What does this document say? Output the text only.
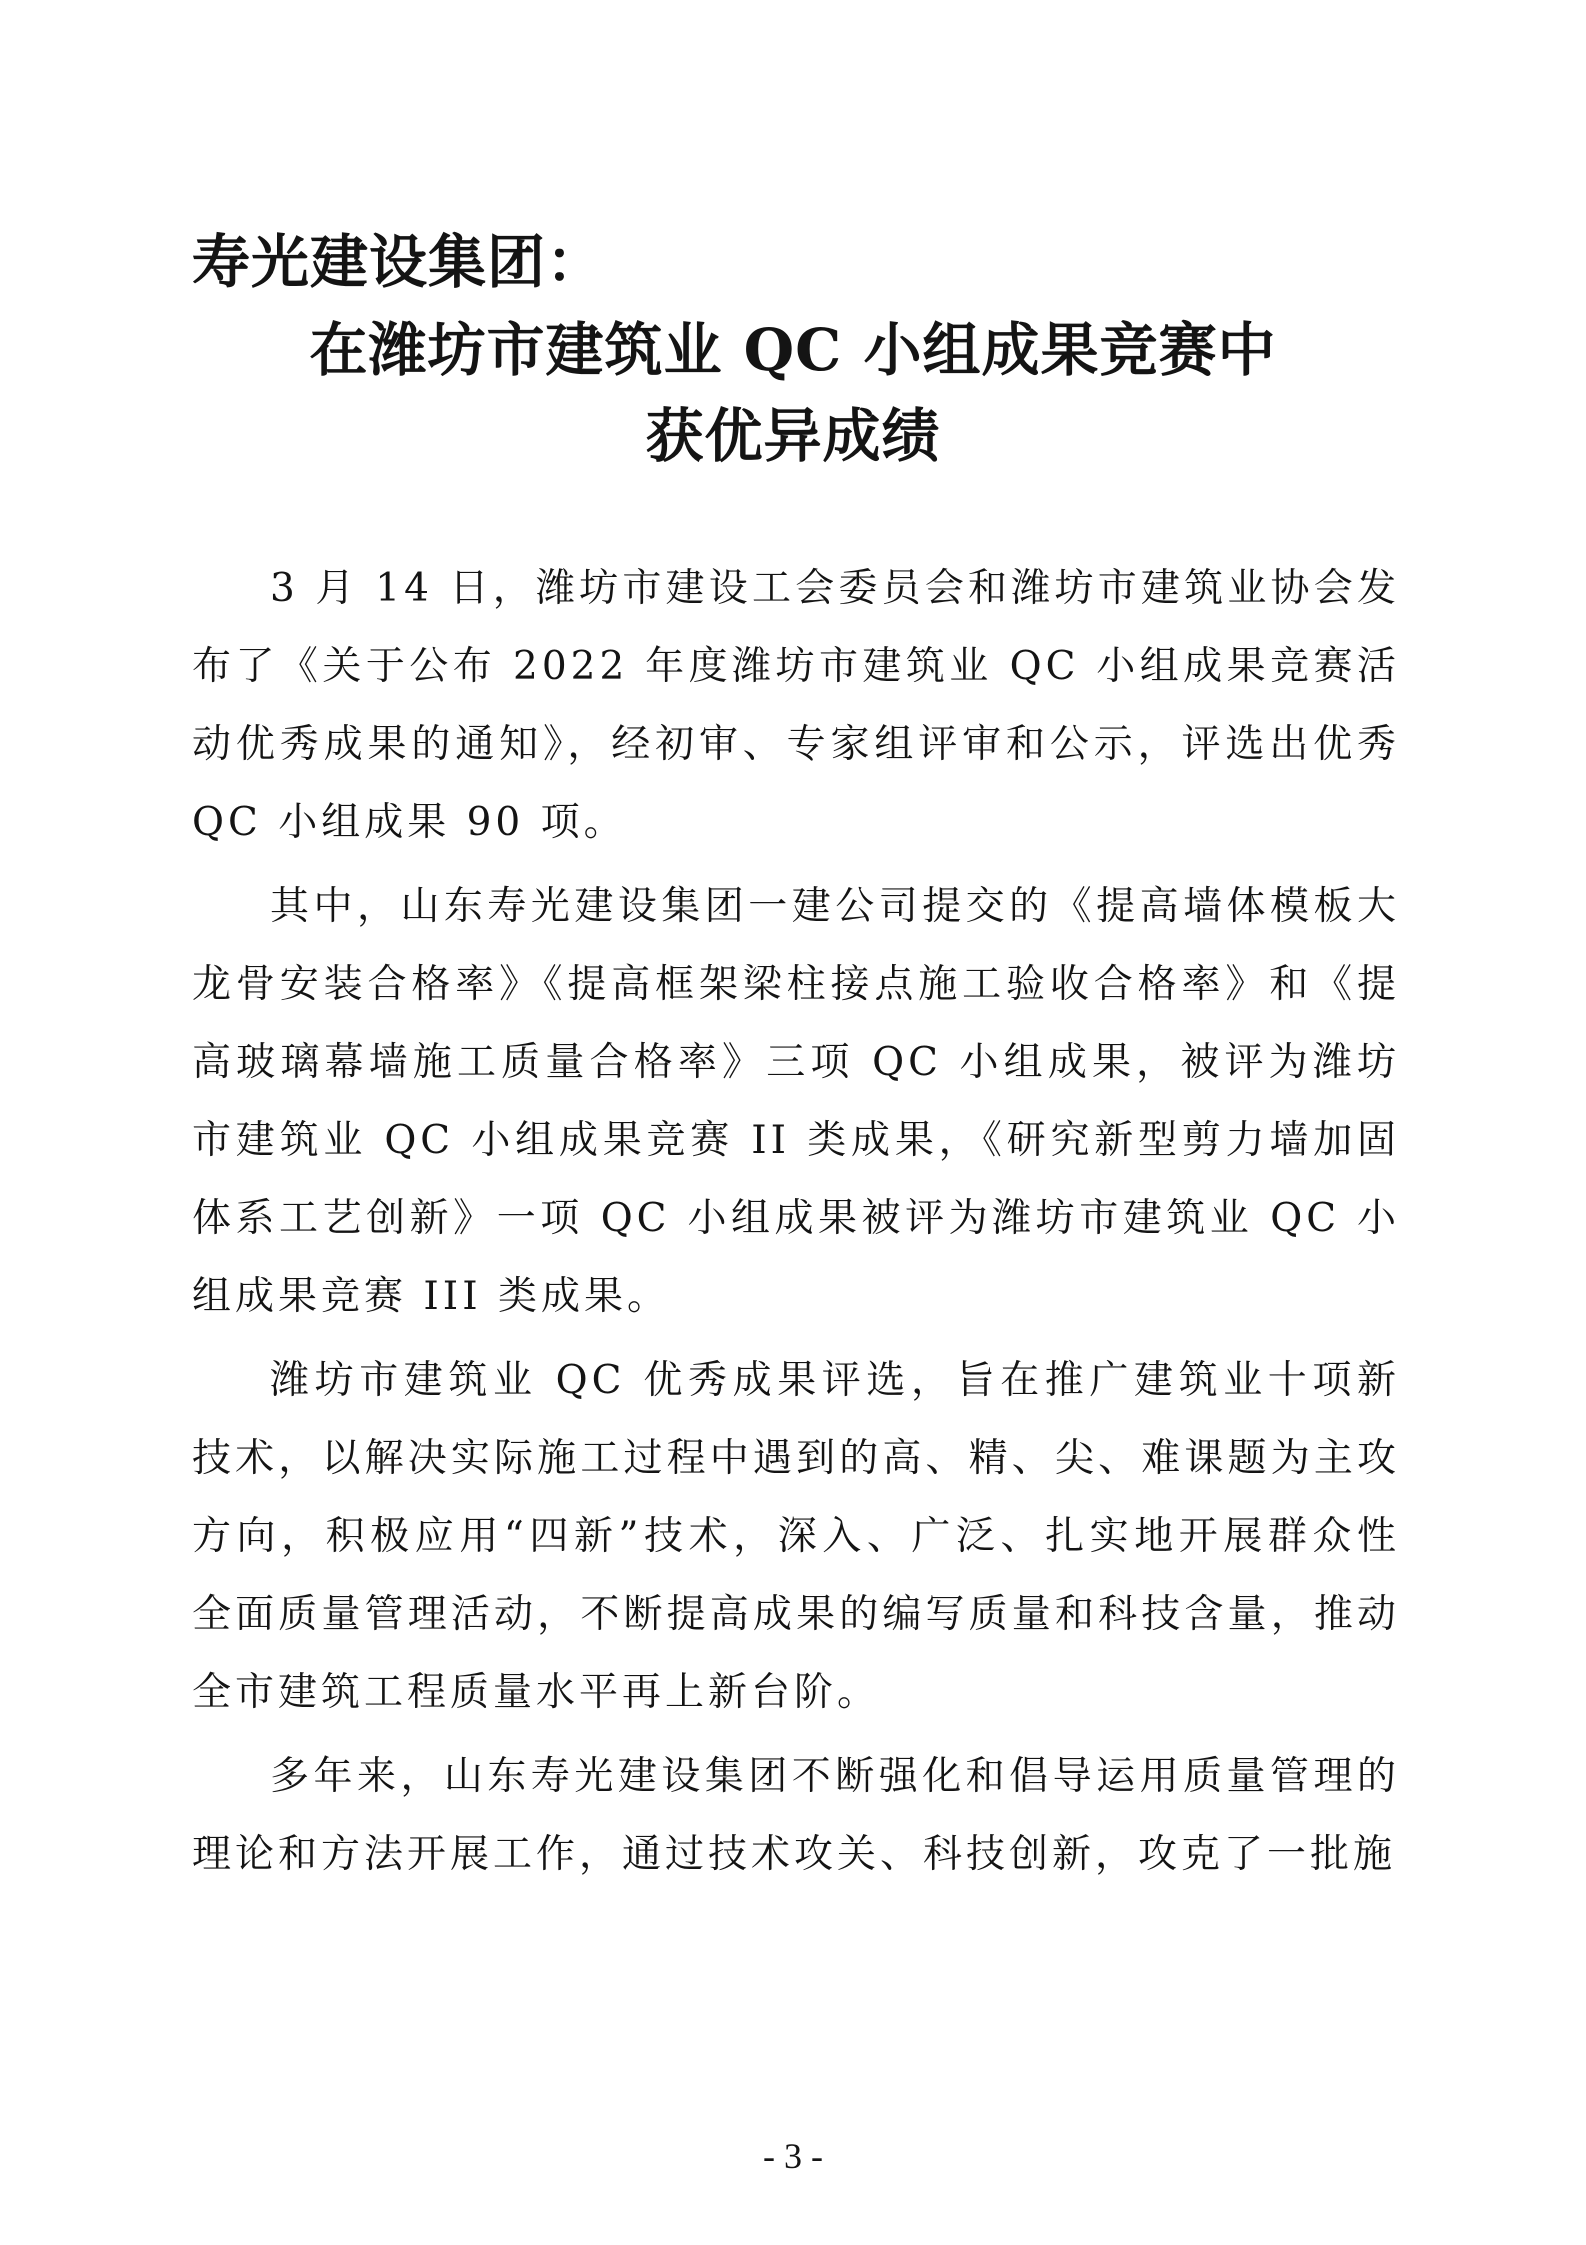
寿光建设集团：
在潍坊市建筑业 QC 小组成果竞赛中
获优异成绩

3 月 14 日，潍坊市建设工会委员会和潍坊市建筑业协会发布了《关于公布 2022 年度潍坊市建筑业 QC 小组成果竞赛活动优秀成果的通知》，经初审、专家组评审和公示，评选出优秀 QC 小组成果 90 项。

其中，山东寿光建设集团一建公司提交的《提高墙体模板大龙骨安装合格率》《提高框架梁柱接点施工验收合格率》和《提高玻璃幕墙施工质量合格率》三项 QC 小组成果，被评为潍坊市建筑业 QC 小组成果竞赛 II 类成果，《研究新型剪力墙加固体系工艺创新》一项 QC 小组成果被评为潍坊市建筑业 QC 小组成果竞赛 III 类成果。

潍坊市建筑业 QC 优秀成果评选，旨在推广建筑业十项新技术，以解决实际施工过程中遇到的高、精、尖、难课题为主攻方向，积极应用“四新”技术，深入、广泛、扎实地开展群众性全面质量管理活动，不断提高成果的编写质量和科技含量，推动全市建筑工程质量水平再上新台阶。

多年来，山东寿光建设集团不断强化和倡导运用质量管理的理论和方法开展工作，通过技术攻关、科技创新，攻克了一批施

- 3 -
